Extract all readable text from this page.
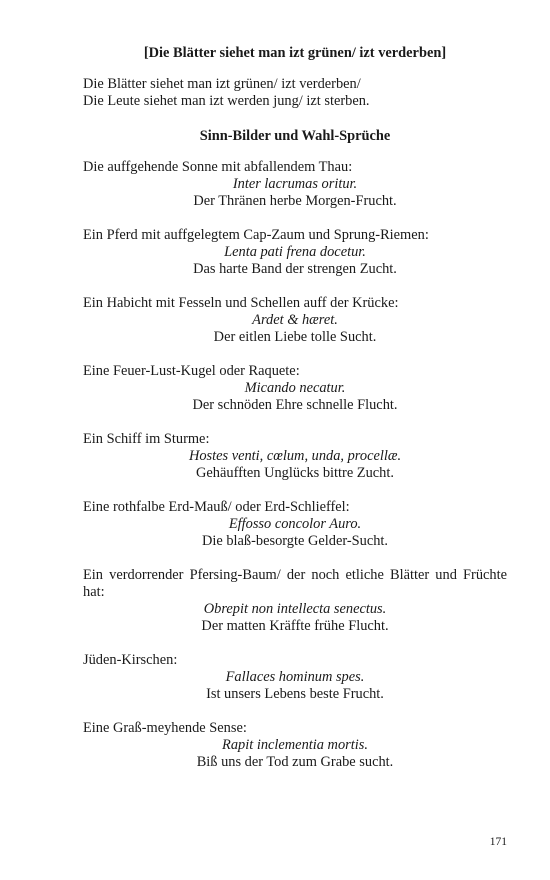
[Die Blätter siehet man izt grünen/ izt verderben]

Die Blätter siehet man izt grünen/ izt verderben/

Die Leute siehet man izt werden jung/ izt sterben.

Sinn-Bilder und Wahl-Sprüche

Die auffgehende Sonne mit abfallendem Thau:

Inter lacrumas oritur.

Der Thränen herbe Morgen-Frucht.

Ein Pferd mit auffgelegtem Cap-Zaum und Sprung-Riemen:

Lenta pati frena docetur.

Das harte Band der strengen Zucht.

Ein Habicht mit Fesseln und Schellen auff der Krücke:

Ardet & hæret.

Der eitlen Liebe tolle Sucht.

Eine Feuer-Lust-Kugel oder Raquete:

Micando necatur.

Der schnöden Ehre schnelle Flucht.

Ein Schiff im Sturme:

Hostes venti, cœlum, unda, procellæ.

Gehäufften Unglücks bittre Zucht.

Eine rothfalbe Erd-Mauß/ oder Erd-Schlieffel:

Effosso concolor Auro.

Die blaß-besorgte Gelder-Sucht.

Ein verdorrender Pfersing-Baum/ der noch etliche Blätter und Früchte hat:

Obrepit non intellecta senectus.

Der matten Kräffte frühe Flucht.

Jüden-Kirschen:

Fallaces hominum spes.

Ist unsers Lebens beste Frucht.

Eine Graß-meyhende Sense:

Rapit inclementia mortis.

Biß uns der Tod zum Grabe sucht.

171
